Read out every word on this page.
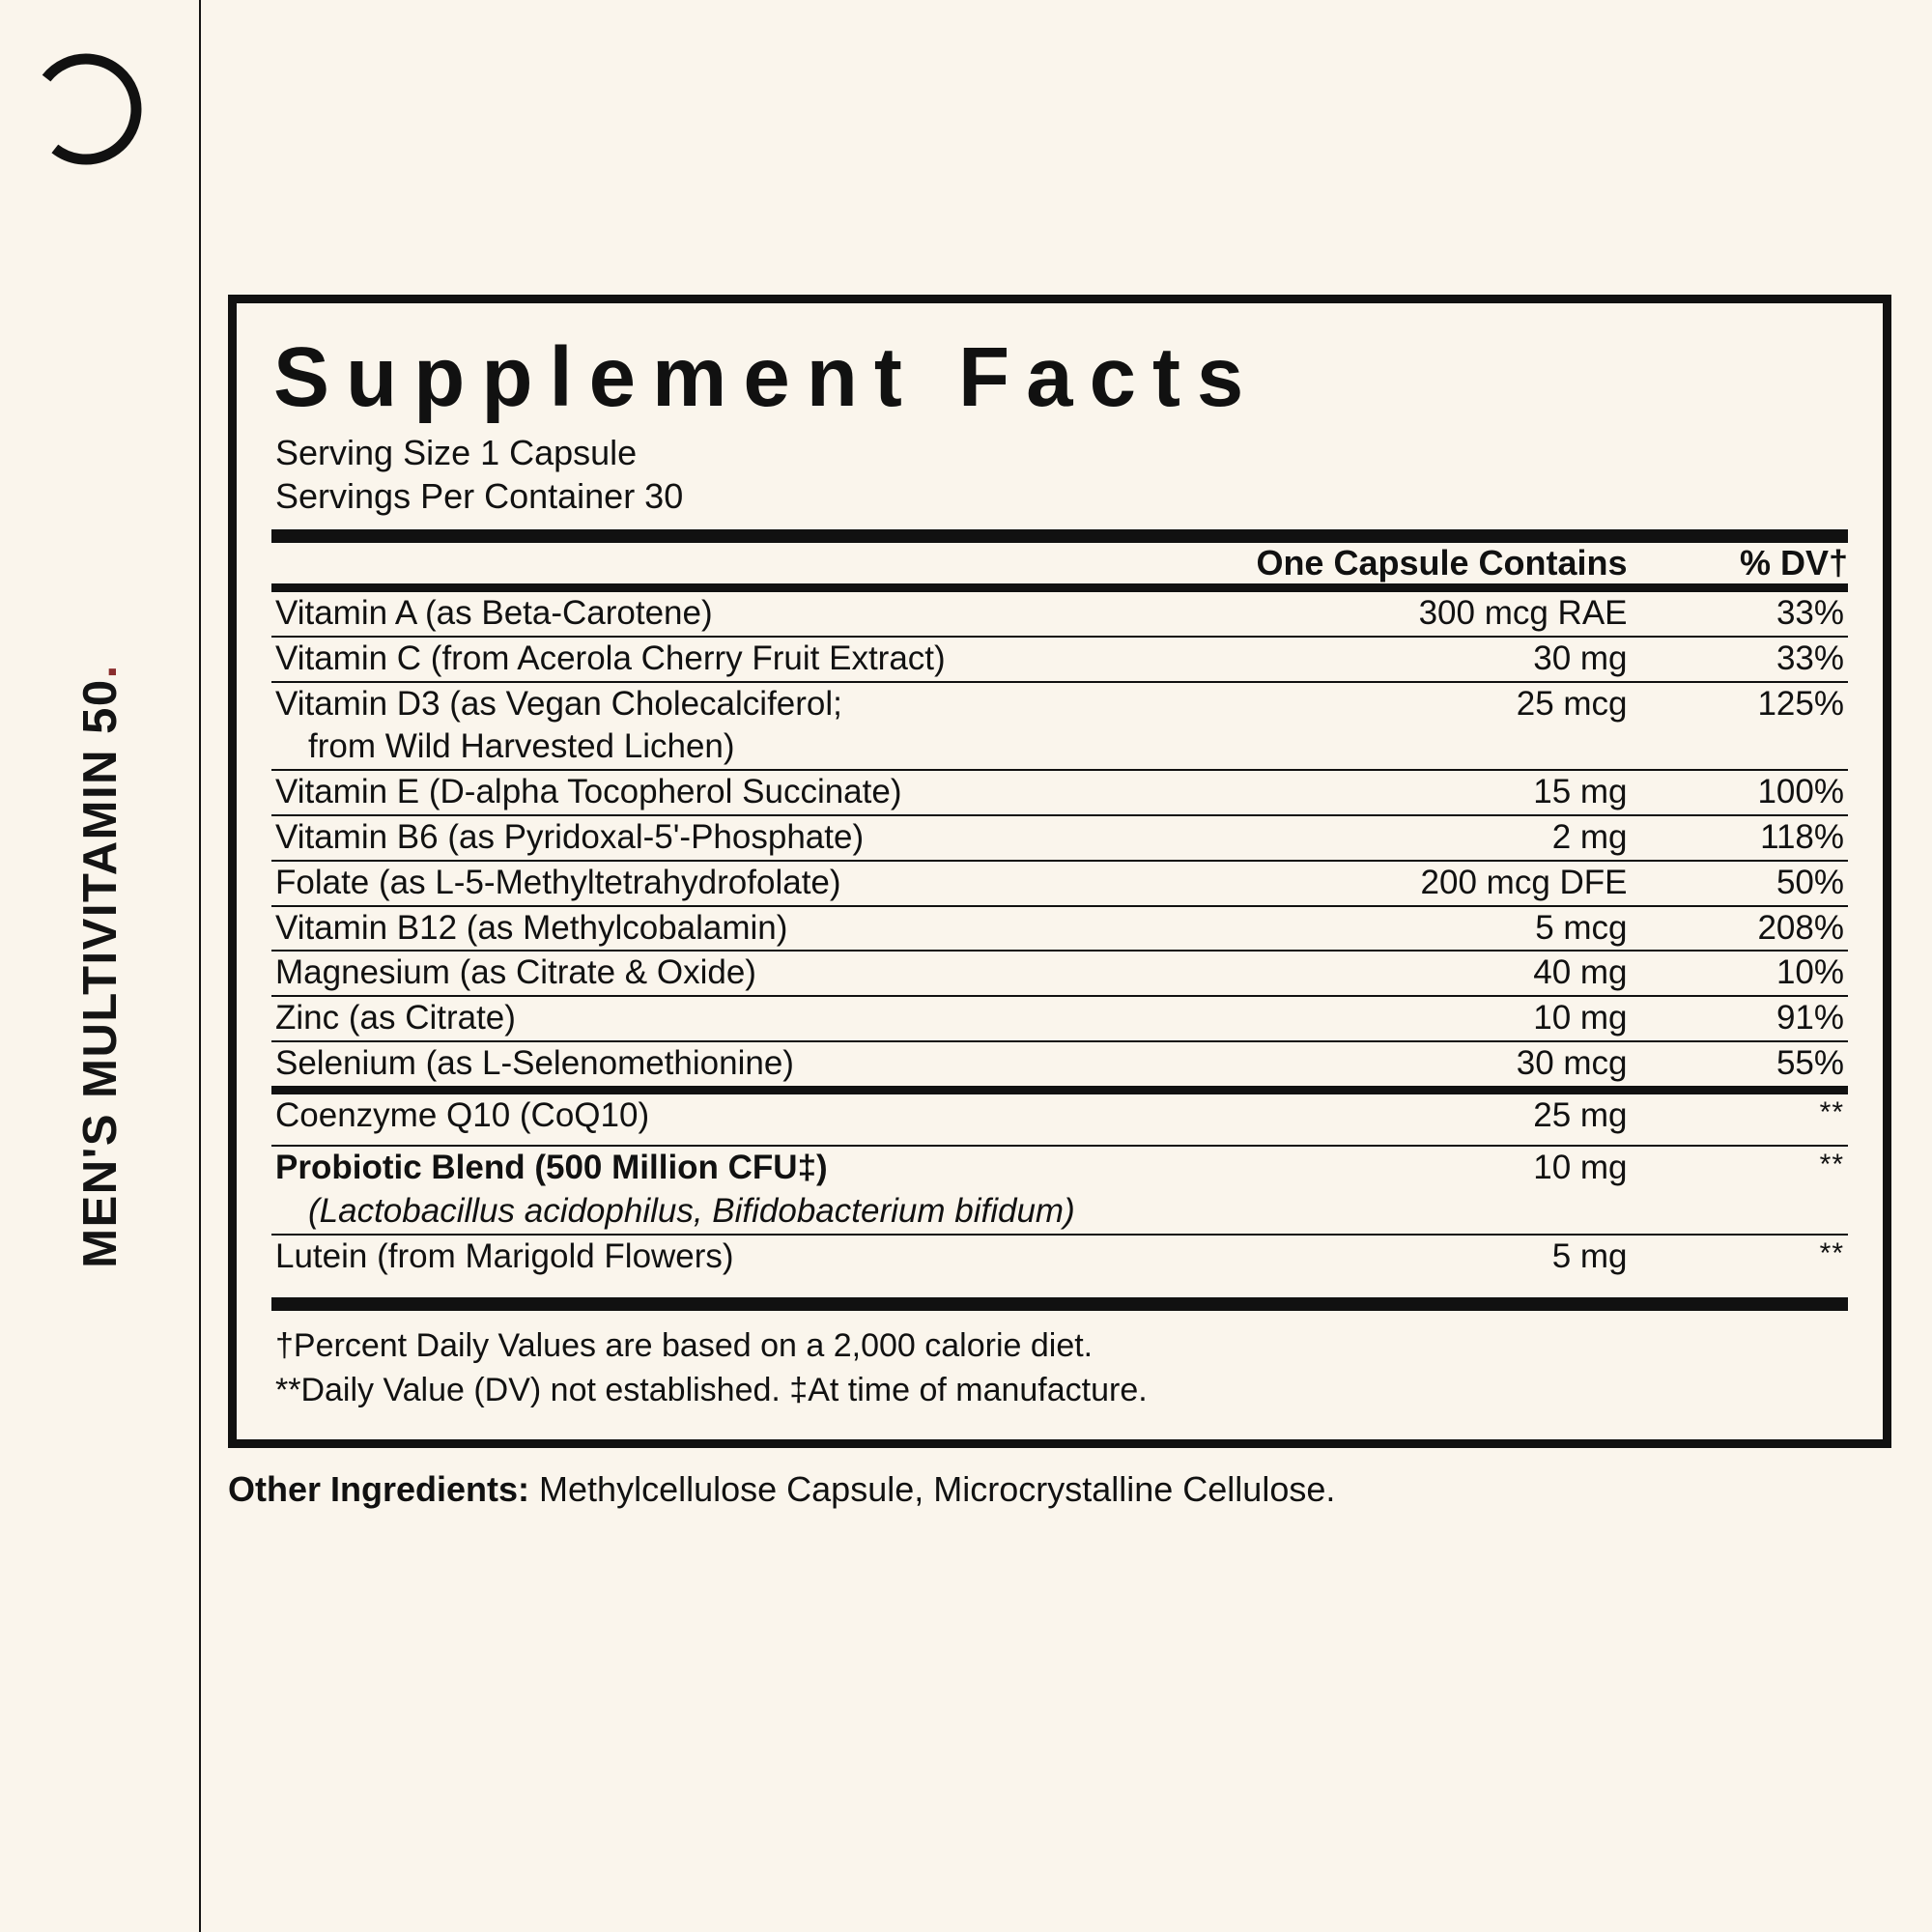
MEN'S MULTIVITAMIN 50.
Supplement Facts
Serving Size 1 Capsule
Servings Per Container 30
	One Capsule Contains	% DV†
Vitamin A (as Beta-Carotene)	300 mcg RAE	33%
Vitamin C (from Acerola Cherry Fruit Extract)	30 mg	33%
Vitamin D3 (as Vegan Cholecalciferol;
from Wild Harvested Lichen)	25 mcg	125%
Vitamin E (D-alpha Tocopherol Succinate)	15 mg	100%
Vitamin B6 (as Pyridoxal-5'-Phosphate)	2 mg	118%
Folate (as L-5-Methyltetrahydrofolate)	200 mcg DFE	50%
Vitamin B12 (as Methylcobalamin)	5 mcg	208%
Magnesium (as Citrate & Oxide)	40 mg	10%
Zinc (as Citrate)	10 mg	91%
Selenium (as L-Selenomethionine)	30 mcg	55%
Coenzyme Q10 (CoQ10)	25 mg	**
Probiotic Blend (500 Million CFU‡)
(Lactobacillus acidophilus, Bifidobacterium bifidum)	10 mg	**
Lutein (from Marigold Flowers)	5 mg	**
†Percent Daily Values are based on a 2,000 calorie diet.
**Daily Value (DV) not established. ‡At time of manufacture.
Other Ingredients: Methylcellulose Capsule, Microcrystalline Cellulose.
